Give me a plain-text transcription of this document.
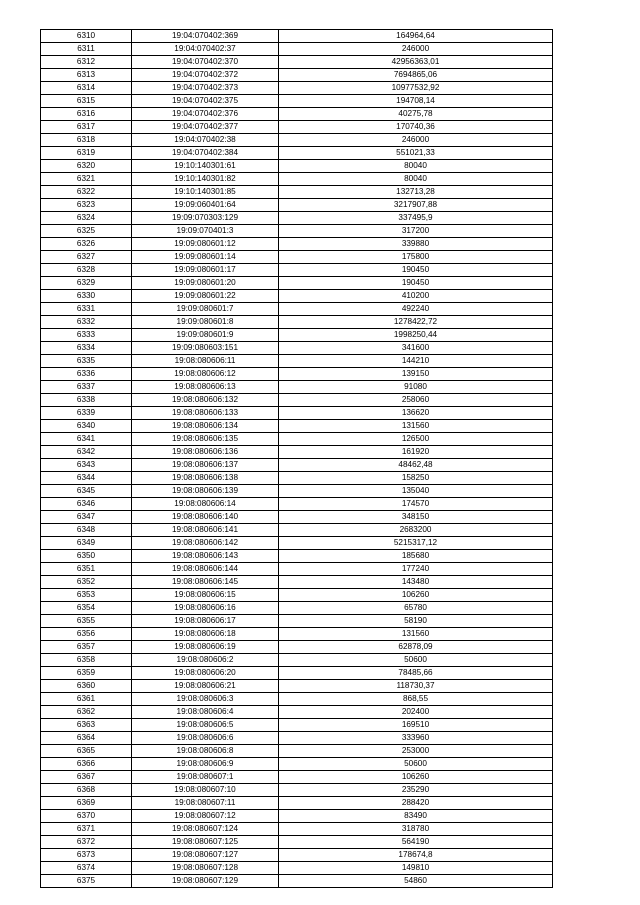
6310	19:04:070402:369	164964,64
6311	19:04:070402:37	246000
6312	19:04:070402:370	42956363,01
6313	19:04:070402:372	7694865,06
6314	19:04:070402:373	10977532,92
6315	19:04:070402:375	194708,14
6316	19:04:070402:376	40275,78
6317	19:04:070402:377	170740,36
6318	19:04:070402:38	246000
6319	19:04:070402:384	551021,33
6320	19:10:140301:61	80040
6321	19:10:140301:82	80040
6322	19:10:140301:85	132713,28
6323	19:09:060401:64	3217907,88
6324	19:09:070303:129	337495,9
6325	19:09:070401:3	317200
6326	19:09:080601:12	339880
6327	19:09:080601:14	175800
6328	19:09:080601:17	190450
6329	19:09:080601:20	190450
6330	19:09:080601:22	410200
6331	19:09:080601:7	492240
6332	19:09:080601:8	1278422,72
6333	19:09:080601:9	1998250,44
6334	19:09:080603:151	341600
6335	19:08:080606:11	144210
6336	19:08:080606:12	139150
6337	19:08:080606:13	91080
6338	19:08:080606:132	258060
6339	19:08:080606:133	136620
6340	19:08:080606:134	131560
6341	19:08:080606:135	126500
6342	19:08:080606:136	161920
6343	19:08:080606:137	48462,48
6344	19:08:080606:138	158250
6345	19:08:080606:139	135040
6346	19:08:080606:14	174570
6347	19:08:080606:140	348150
6348	19:08:080606:141	2683200
6349	19:08:080606:142	5215317,12
6350	19:08:080606:143	185680
6351	19:08:080606:144	177240
6352	19:08:080606:145	143480
6353	19:08:080606:15	106260
6354	19:08:080606:16	65780
6355	19:08:080606:17	58190
6356	19:08:080606:18	131560
6357	19:08:080606:19	62878,09
6358	19:08:080606:2	50600
6359	19:08:080606:20	78485,66
6360	19:08:080606:21	118730,37
6361	19:08:080606:3	868,55
6362	19:08:080606:4	202400
6363	19:08:080606:5	169510
6364	19:08:080606:6	333960
6365	19:08:080606:8	253000
6366	19:08:080606:9	50600
6367	19:08:080607:1	106260
6368	19:08:080607:10	235290
6369	19:08:080607:11	288420
6370	19:08:080607:12	83490
6371	19:08:080607:124	318780
6372	19:08:080607:125	564190
6373	19:08:080607:127	178674,8
6374	19:08:080607:128	149810
6375	19:08:080607:129	54860
